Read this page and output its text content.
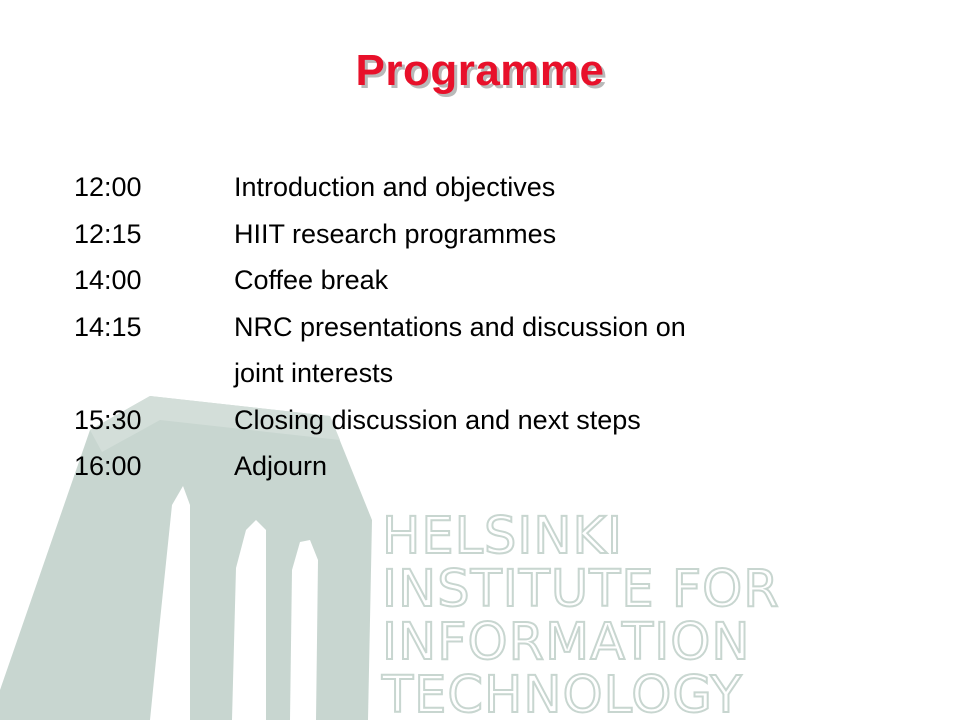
Programme
12:00	Introduction and objectives
12:15	HIIT research programmes
14:00	Coffee break
14:15	NRC presentations and discussion on
joint interests
15:30	Closing discussion and next steps
16:00	Adjourn
HELSINKI
INSTITUTE FOR
INFORMATION
TECHNOLOGY
